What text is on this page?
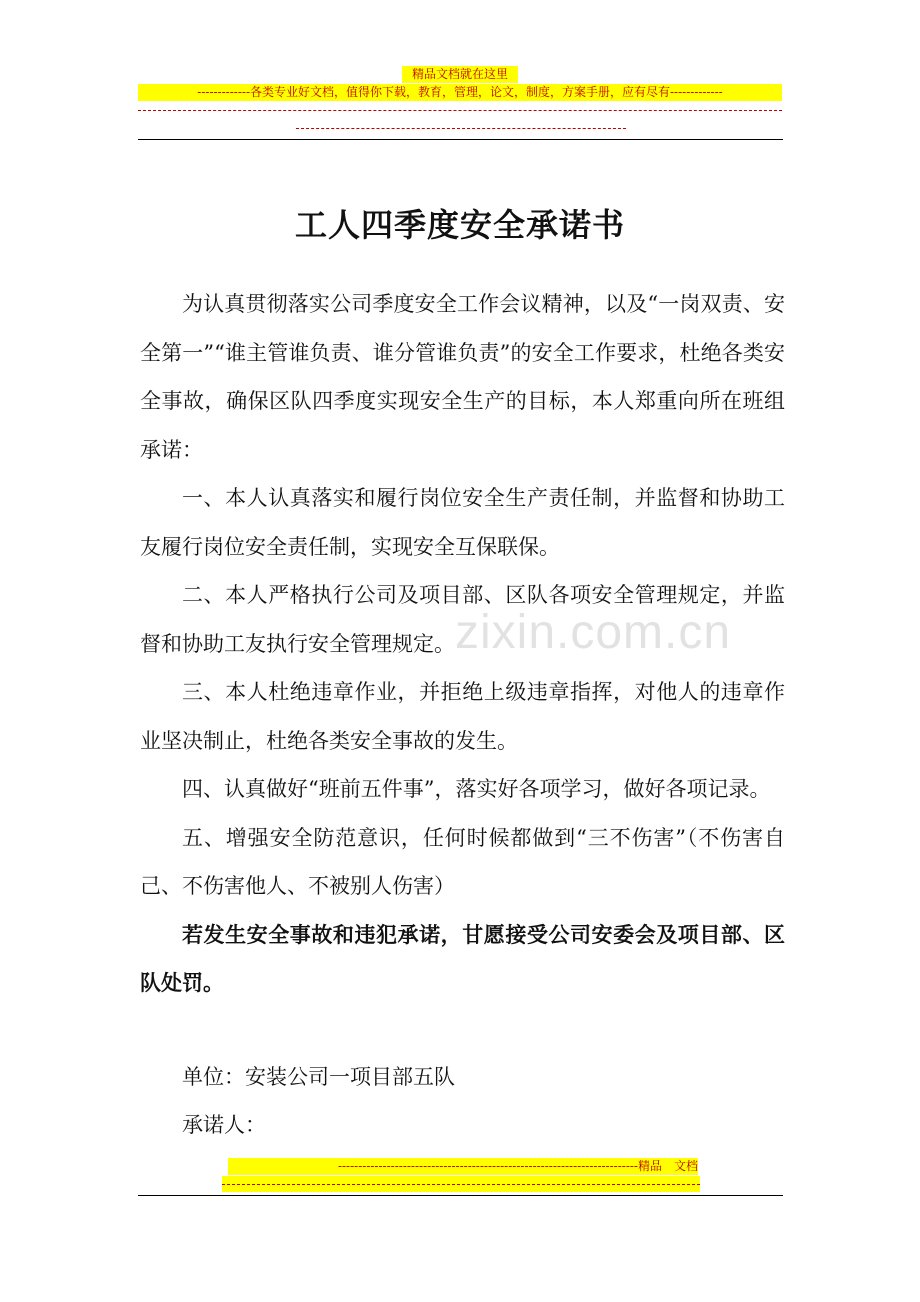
精品文档就在这里
-------------各类专业好文档，值得你下载，教育，管理，论文，制度，方案手册，应有尽有-------------
工人四季度安全承诺书

为认真贯彻落实公司季度安全工作会议精神，以及“一岗双责、安全第一”“谁主管谁负责、谁分管谁负责”的安全工作要求，杜绝各类安全事故，确保区队四季度实现安全生产的目标，本人郑重向所在班组承诺：

一、本人认真落实和履行岗位安全生产责任制，并监督和协助工友履行岗位安全责任制，实现安全互保联保。

二、本人严格执行公司及项目部、区队各项安全管理规定，并监督和协助工友执行安全管理规定。

三、本人杜绝违章作业，并拒绝上级违章指挥，对他人的违章作业坚决制止，杜绝各类安全事故的发生。

四、认真做好“班前五件事”，落实好各项学习，做好各项记录。

五、增强安全防范意识，任何时候都做到“三不伤害”（不伤害自己、不伤害他人、不被别人伤害）

若发生安全事故和违犯承诺，甘愿接受公司安委会及项目部、区队处罚。

单位：安装公司一项目部五队
承诺人：
zixin.com.cn
--------------------------------------------------------------------------精品　文档
